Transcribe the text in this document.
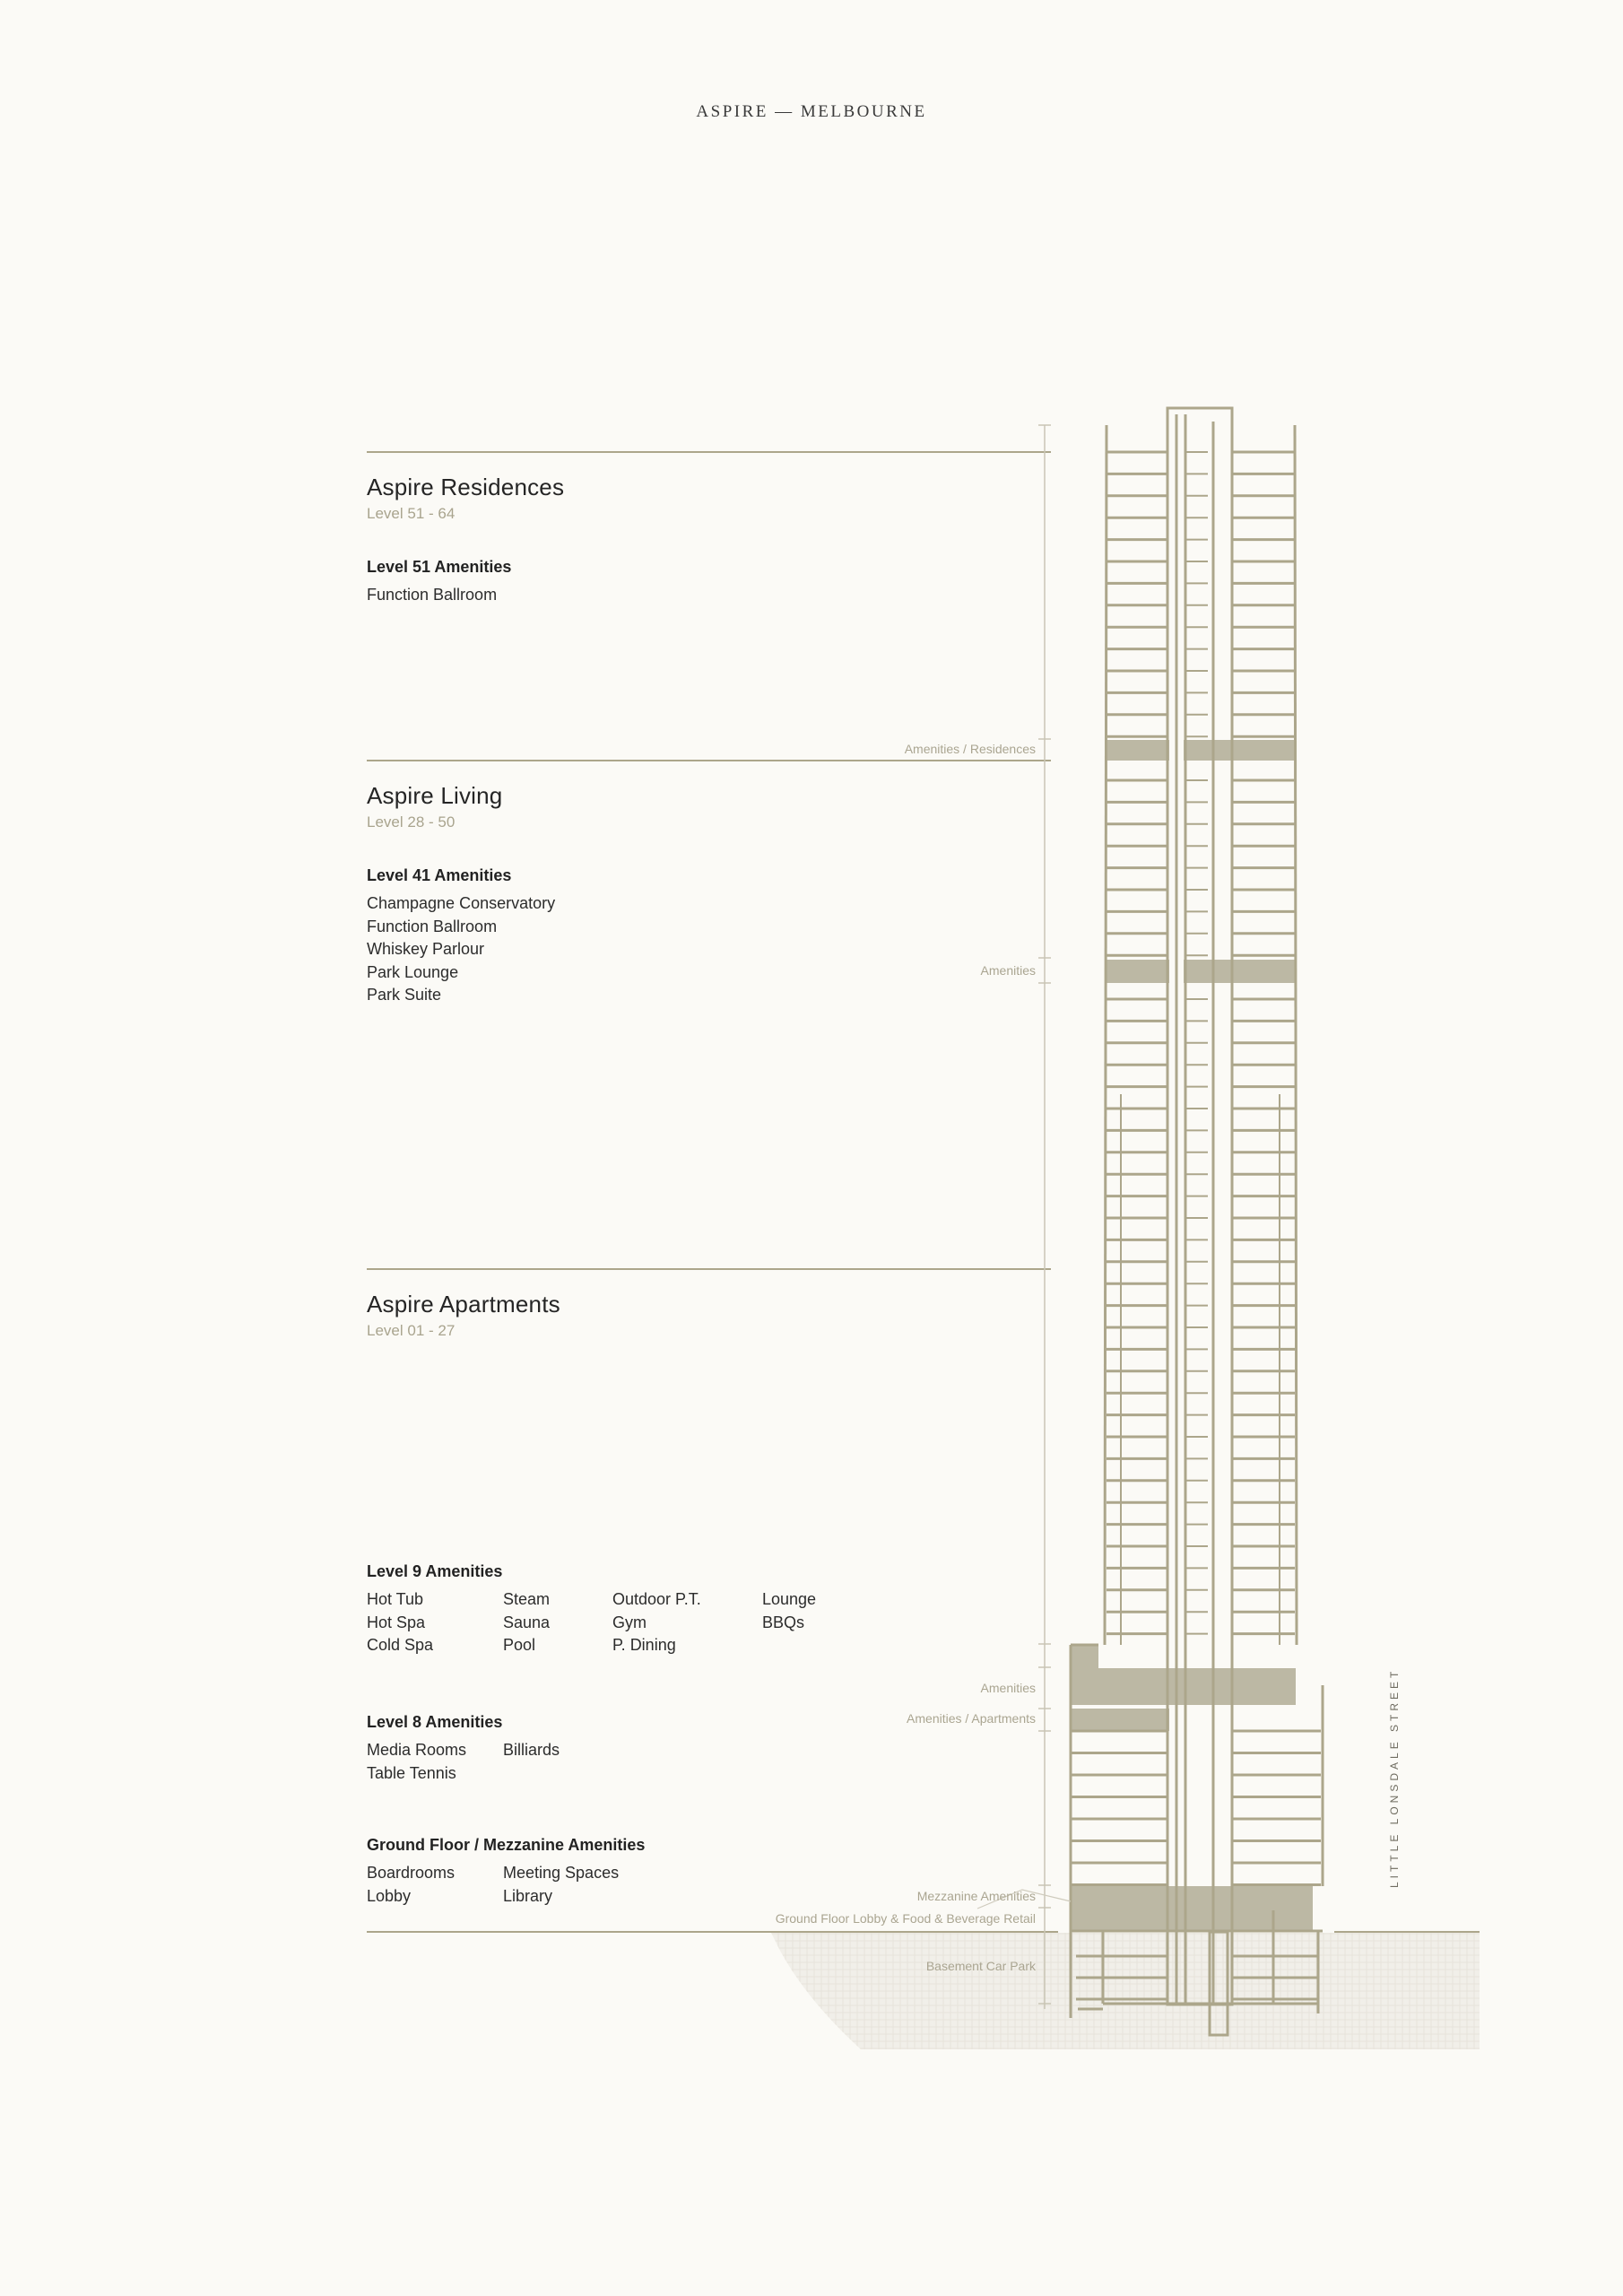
ASPIRE — MELBOURNE
Aspire Residences
Level 51 - 64
Level 51 Amenities
Function Ballroom
Aspire Living
Level 28 - 50
Level 41 Amenities
Champagne Conservatory
Function Ballroom
Whiskey Parlour
Park Lounge
Park Suite
Aspire Apartments
Level 01 - 27
Level 9 Amenities
Hot Tub	Steam	Outdoor P.T.	Lounge
Hot Spa	Sauna	Gym	BBQs
Cold Spa	Pool	P. Dining
Level 8 Amenities
Media Rooms	Billiards
Table Tennis
Ground Floor / Mezzanine Amenities
Boardrooms	Meeting Spaces
Lobby	Library
Amenities / Residences
Amenities
Amenities
Amenities / Apartments
Mezzanine Amenities
Ground Floor Lobby & Food & Beverage Retail
Basement Car Park
LITTLE LONSDALE STREET
